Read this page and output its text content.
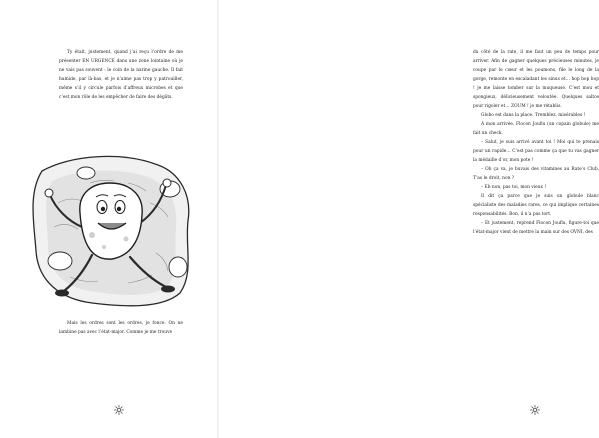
Ty était, justement, quand j’ai reçu l’ordre de me présenter EN URGENCE dans une zone lointaine où je ne vais pas souvent : le coin de la narine gauche. Il fait humide, par là-bas, et je n’aime pas trop y patrouiller, même s’il y circule parfois d’affreux microbes et que c’est mon rôle de les empêcher de faire des dégâts.

Mais les ordres sont les ordres, je fonce. On ne lambine pas avec l’état-major. Comme je me trouve

du côté de la rate, il me faut un peu de temps pour arriver. Afin de gagner quelques précieuses minutes, je coupe par le cœur et les poumons, file le long de la gorge, remonte en escaladant les sinus et… hop hop hop ! je me laisse tomber sur la muqueuse. C’est mou et spongieux, délicieusement veloutée. Quelques saltos pour rigoler et… ZOUM ! je me rétablis.

Globo est dans la place. Tremblez, misérables !

À mon arrivée, Flocon Jouflu (un copain globule) me fait un check.

– Salut, je suis arrivé avant toi ! Moi qui te prenais pour un rapide… C’est pas comme ça que tu vas gagner la médaille d’or, mon pote !

– Oh ça va, je buvais des vitamines au Rate’s Club. T’as le droit, non ?

– Eh non, pas toi, mon vieux !

Il dit ça parce que je suis un globule blanc spécialiste des maladies rares, ce qui implique certaines responsabilités. Bon, il n’a pas tort.

– Et justement, reprend Flocon Jouflu, figure-toi que l’état-major vient de mettre la main sur des OVNI, des
